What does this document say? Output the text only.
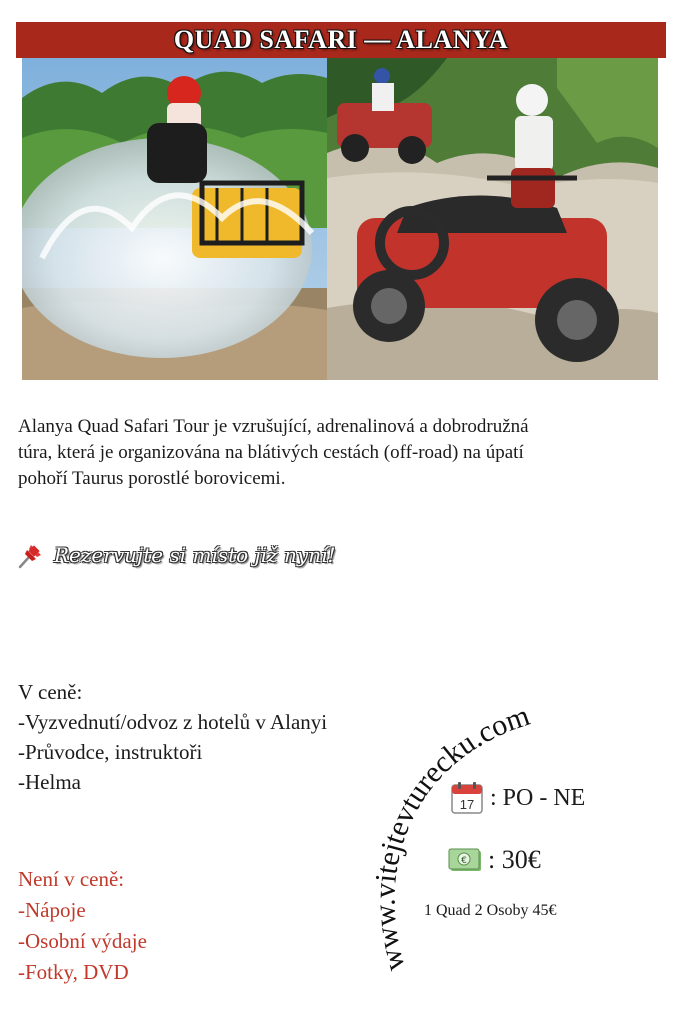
QUAD SAFARI — ALANYA
Alanya Quad Safari Tour je vzrušující, adrenalinová a dobrodružná
túra, která je organizována na blátivých cestách (off-road) na úpatí
pohoří Taurus porostlé borovicemi.
Rezervujte si místo již nyní!
V ceně:
-Vyzvednutí/odvoz z hotelů v Alanyi
-Průvodce, instruktoři
-Helma
Není v ceně:
-Nápoje
-Osobní výdaje
-Fotky, DVD	www.vitejtevturecku.com
17 : PO - NE
€ : 30€
1 Quad 2 Osoby 45€
